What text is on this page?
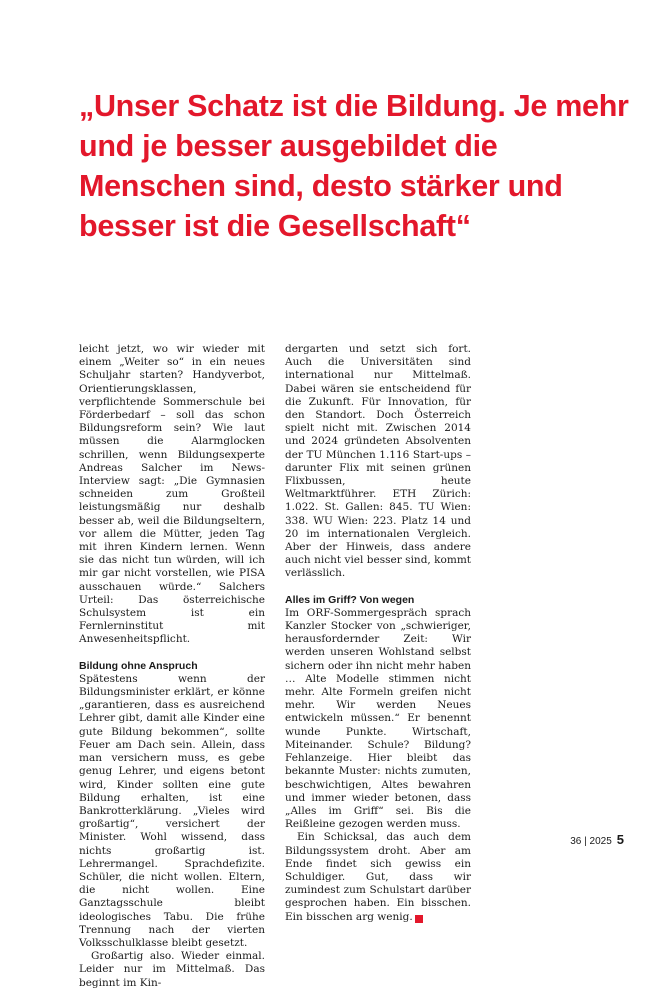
„Unser Schatz ist die Bildung. Je mehr
und je besser ausgebildet die
Menschen sind, desto stärker und
besser ist die Gesellschaft“

leicht jetzt, wo wir wieder mit einem „Weiter so“ in ein neues Schuljahr starten? Handyverbot, Orientierungsklassen, verpflichtende Sommerschule bei Förderbedarf – soll das schon Bildungsreform sein? Wie laut müssen die Alarmglocken schrillen, wenn Bildungsexperte Andreas Salcher im News-Interview sagt: „Die Gymnasien schneiden zum Großteil leistungsmäßig nur deshalb besser ab, weil die Bildungseltern, vor allem die Mütter, jeden Tag mit ihren Kindern lernen. Wenn sie das nicht tun würden, will ich mir gar nicht vorstellen, wie PISA ausschauen würde.“ Salchers Urteil: Das österreichische Schulsystem ist ein Fernlerninstitut mit Anwesenheitspflicht.

Bildung ohne Anspruch

Spätestens wenn der Bildungsminister erklärt, er könne „garantieren, dass es ausreichend Lehrer gibt, damit alle Kinder eine gute Bildung bekommen“, sollte Feuer am Dach sein. Allein, dass man versichern muss, es gebe genug Lehrer, und eigens betont wird, Kinder sollten eine gute Bildung erhalten, ist eine Bankrotterklärung. „Vieles wird großartig“, versichert der Minister. Wohl wissend, dass nichts großartig ist. Lehrermangel. Sprachdefizite. Schüler, die nicht wollen. Eltern, die nicht wollen. Eine Ganztagsschule bleibt ideologisches Tabu. Die frühe Trennung nach der vierten Volksschulklasse bleibt gesetzt.

Großartig also. Wieder einmal. Leider nur im Mittelmaß. Das beginnt im Kin-

dergarten und setzt sich fort. Auch die Universitäten sind international nur Mittelmaß. Dabei wären sie entscheidend für die Zukunft. Für Innovation, für den Standort. Doch Österreich spielt nicht mit. Zwischen 2014 und 2024 gründeten Absolventen der TU München 1.116 Start-ups – darunter Flix mit seinen grünen Flixbussen, heute Weltmarktführer. ETH Zürich: 1.022. St. Gallen: 845. TU Wien: 338. WU Wien: 223. Platz 14 und 20 im internationalen Vergleich. Aber der Hinweis, dass andere auch nicht viel besser sind, kommt verlässlich.

Alles im Griff? Von wegen

Im ORF-Sommergespräch sprach Kanzler Stocker von „schwieriger, herausfordernder Zeit: Wir werden unseren Wohlstand selbst sichern oder ihn nicht mehr haben … Alte Modelle stimmen nicht mehr. Alte Formeln greifen nicht mehr. Wir werden Neues entwickeln müssen.“ Er benennt wunde Punkte. Wirtschaft, Miteinander. Schule? Bildung? Fehlanzeige. Hier bleibt das bekannte Muster: nichts zumuten, beschwichtigen, Altes bewahren und immer wieder betonen, dass „Alles im Griff“ sei. Bis die Reißleine gezogen werden muss.

Ein Schicksal, das auch dem Bildungssystem droht. Aber am Ende findet sich gewiss ein Schuldiger. Gut, dass wir zumindest zum Schulstart darüber gesprochen haben. Ein bisschen. Ein bisschen arg wenig. N

36 | 2025 5
